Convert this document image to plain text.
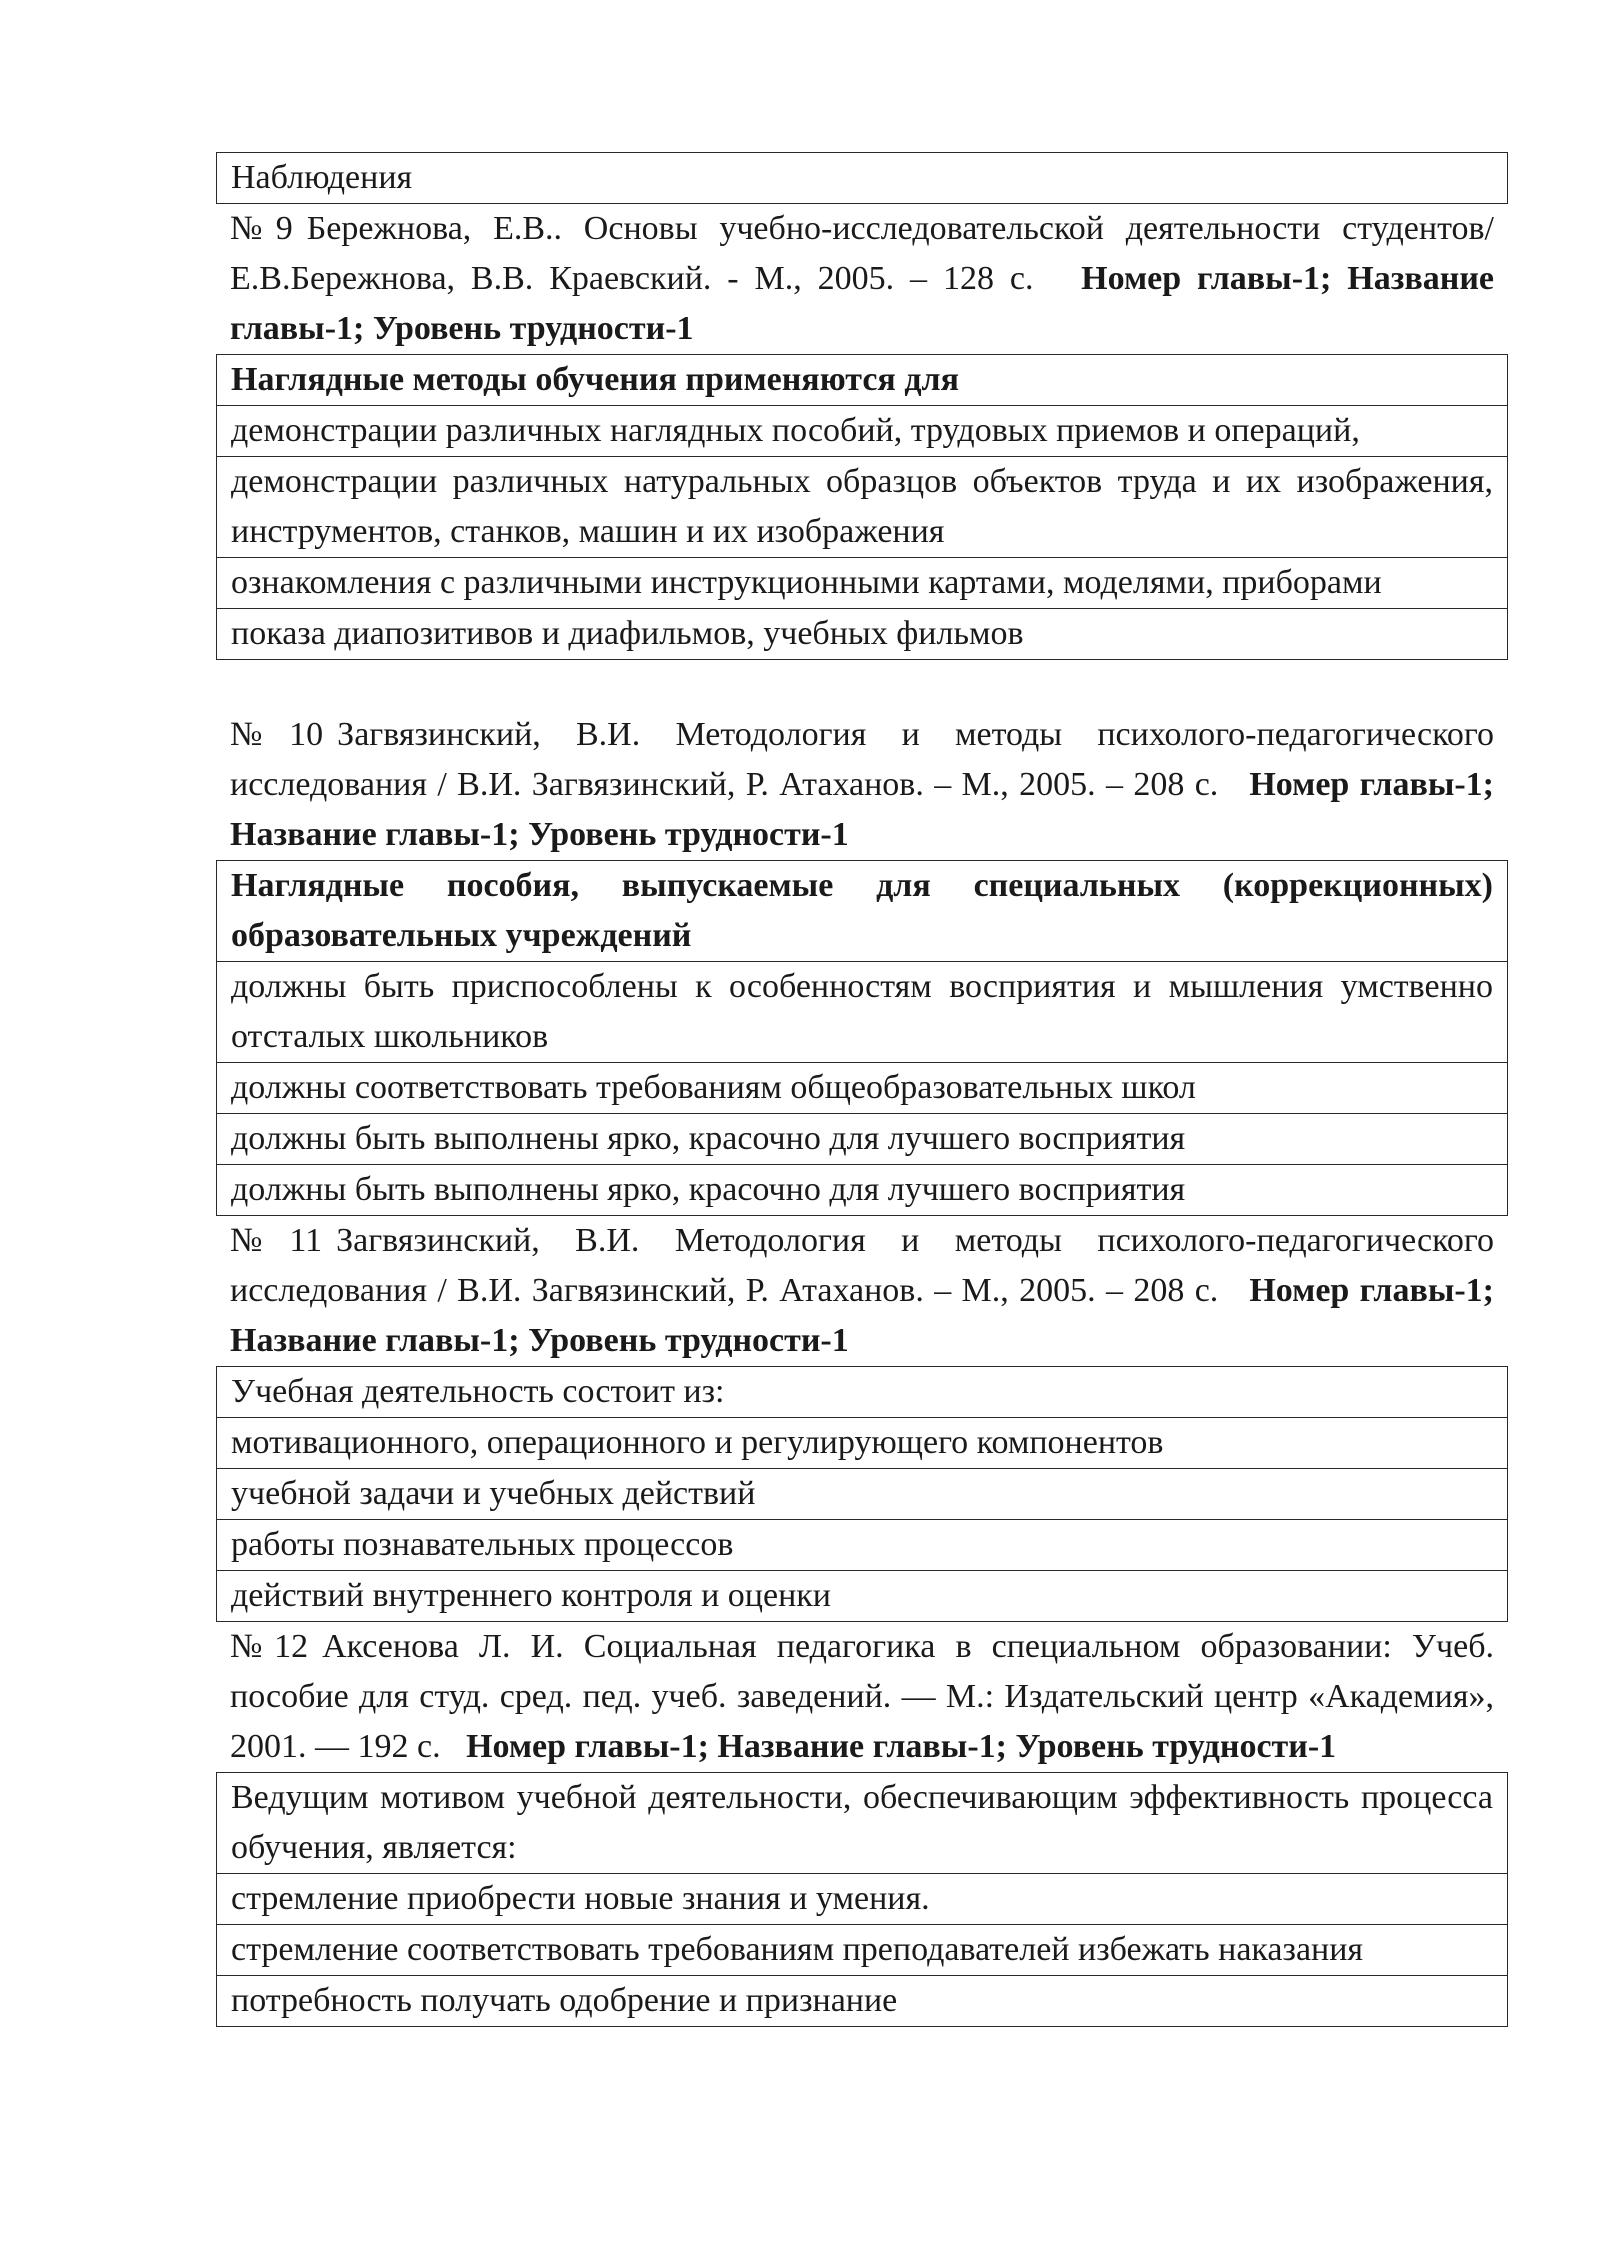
Наблюдения
№9 Бережнова, Е.В.. Основы учебно-исследовательской деятельности студентов/ Е.В.Бережнова, В.В. Краевский. - М., 2005. – 128 с. Номер главы-1; Название главы-1; Уровень трудности-1
Наглядные методы обучения применяются для
демонстрации различных наглядных пособий, трудовых приемов и операций,
демонстрации различных натуральных образцов объектов труда и их изображения, инструментов, станков, машин и их изображения
ознакомления с различными инструкционными картами, моделями, приборами
показа диапозитивов и диафильмов, учебных фильмов
№10 Загвязинский, В.И. Методология и методы психолого-педагогического исследования / В.И. Загвязинский, Р. Атаханов. – М., 2005. – 208 с. Номер главы-1; Название главы-1; Уровень трудности-1
Наглядные пособия, выпускаемые для специальных (коррекционных) образовательных учреждений
должны быть приспособлены к особенностям восприятия и мышления умственно отсталых школьников
должны соответствовать требованиям общеобразовательных школ
должны быть выполнены ярко, красочно для лучшего восприятия
должны быть выполнены ярко, красочно для лучшего восприятия
№11 Загвязинский, В.И. Методология и методы психолого-педагогического исследования / В.И. Загвязинский, Р. Атаханов. – М., 2005. – 208 с. Номер главы-1; Название главы-1; Уровень трудности-1
Учебная деятельность состоит из:
мотивационного, операционного и регулирующего компонентов
учебной задачи и учебных действий
работы познавательных процессов
действий внутреннего контроля и оценки
№12 Аксенова Л. И. Социальная педагогика в специальном образовании: Учеб. пособие для студ. сред. пед. учеб. заведений. — М.: Издательский центр «Академия», 2001. — 192 с. Номер главы-1; Название главы-1; Уровень трудности-1
Ведущим мотивом учебной деятельности, обеспечивающим эффективность процесса обучения, является:
стремление приобрести новые знания и умения.
стремление соответствовать требованиям преподавателей избежать наказания
потребность получать одобрение и признание
